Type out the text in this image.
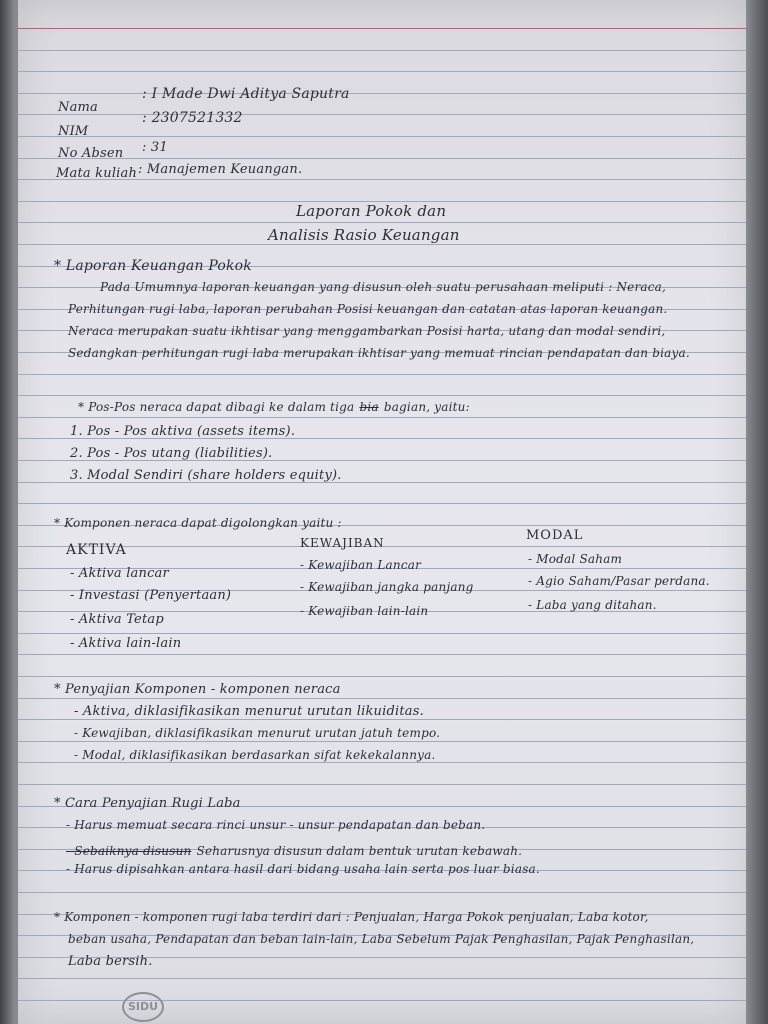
Nama
: I Made Dwi Aditya Saputra
NIM
: 2307521332
No Absen : 31
Mata kuliah : Manajemen Keuangan.
Laporan Pokok dan
Analisis Rasio Keuangan
* Laporan Keuangan Pokok
Pada Umumnya laporan keuangan yang disusun oleh suatu perusahaan meliputi : Neraca,
Perhitungan rugi laba, laporan perubahan Posisi keuangan dan catatan atas laporan keuangan.
Neraca merupakan suatu ikhtisar yang menggambarkan Posisi harta, utang dan modal sendiri,
Sedangkan perhitungan rugi laba merupakan ikhtisar yang memuat rincian pendapatan dan biaya.
* Pos-Pos neraca dapat dibagi ke dalam tiga bia bagian, yaitu:
1. Pos - Pos aktiva (assets items).
2. Pos - Pos utang (liabilities).
3. Modal Sendiri (share holders equity).
* Komponen neraca dapat digolongkan yaitu :
AKTIVA
- Aktiva lancar
- Investasi (Penyertaan)
- Aktiva Tetap
- Aktiva lain-lain
KEWAJIBAN
- Kewajiban Lancar
- Kewajiban jangka panjang
- Kewajiban lain-lain
MODAL
- Modal Saham
- Agio Saham/Pasar perdana.
- Laba yang ditahan.
* Penyajian Komponen - komponen neraca
- Aktiva, diklasifikasikan menurut urutan likuiditas.
- Kewajiban, diklasifikasikan menurut urutan jatuh tempo.
- Modal, diklasifikasikan berdasarkan sifat kekekalannya.
* Cara Penyajian Rugi Laba
- Harus memuat secara rinci unsur - unsur pendapatan dan beban.
- Sebaiknya disusun Seharusnya disusun dalam bentuk urutan kebawah.
- Harus dipisahkan antara hasil dari bidang usaha lain serta pos luar biasa.
* Komponen - komponen rugi laba terdiri dari : Penjualan, Harga Pokok penjualan, Laba kotor,
beban usaha, Pendapatan dan beban lain-lain, Laba Sebelum Pajak Penghasilan, Pajak Penghasilan,
Laba bersih.
SIDU
